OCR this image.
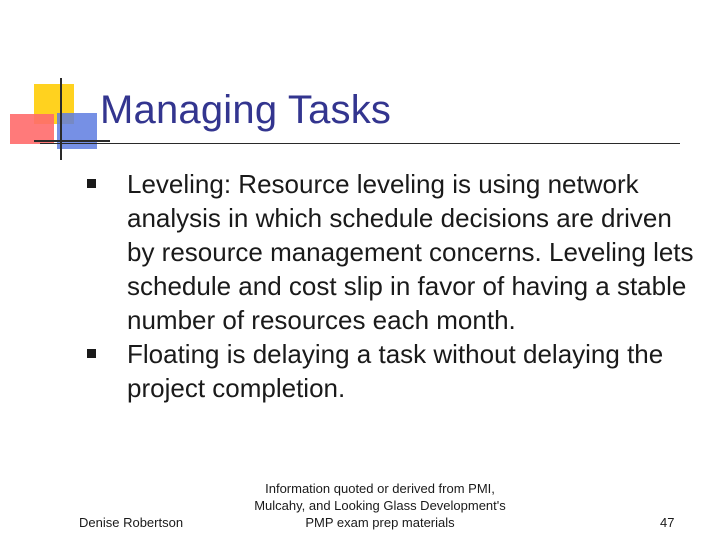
Managing Tasks
Leveling: Resource leveling is using network analysis in which schedule decisions are driven by resource management concerns. Leveling lets schedule and cost slip in favor of having a stable number of resources each month.
Floating is delaying a task without delaying the project completion.
Denise Robertson
Information quoted or derived from PMI,
Mulcahy, and Looking Glass Development's
PMP exam prep materials	47
